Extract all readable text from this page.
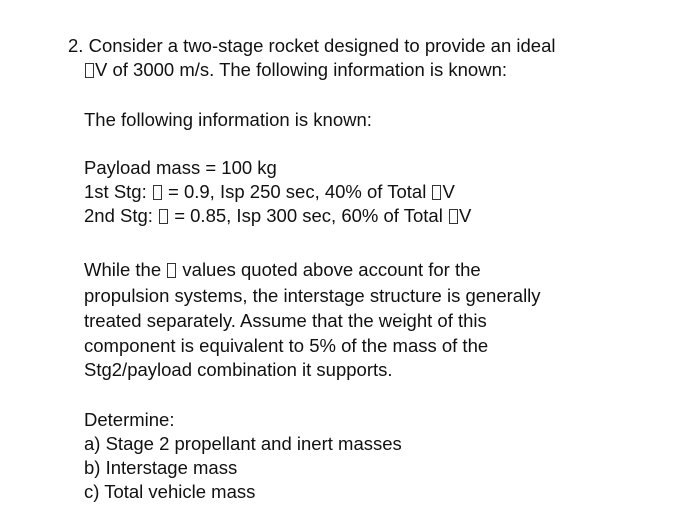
2. Consider a two-stage rocket designed to provide an ideal
V of 3000 m/s. The following information is known:
The following information is known:
Payload mass = 100 kg
1st Stg: = 0.9, Isp 250 sec, 40% of Total V
2nd Stg: = 0.85, Isp 300 sec, 60% of Total V
While the values quoted above account for the
propulsion systems, the interstage structure is generally
treated separately. Assume that the weight of this
component is equivalent to 5% of the mass of the
Stg2/payload combination it supports.
Determine:
a) Stage 2 propellant and inert masses
b) Interstage mass
c) Total vehicle mass
